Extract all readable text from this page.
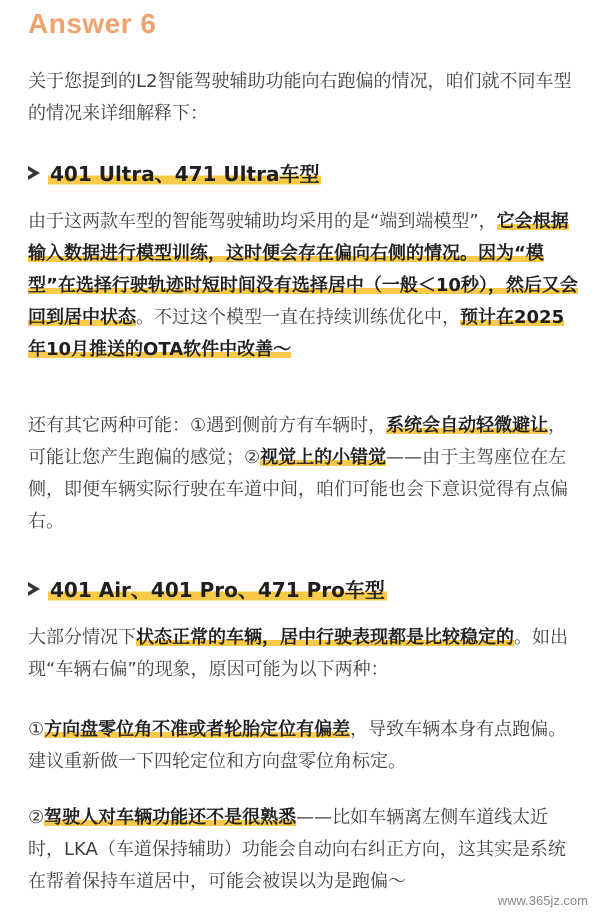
Answer 6
关于您提到的L2智能驾驶辅助功能向右跑偏的情况，咱们就不同车型的情况来详细解释下：
401 Ultra、471 Ultra车型
由于这两款车型的智能驾驶辅助均采用的是“端到端模型”，它会根据输入数据进行模型训练，这时便会存在偏向右侧的情况。因为“模型”在选择行驶轨迹时短时间没有选择居中（一般＜10秒），然后又会回到居中状态。不过这个模型一直在持续训练优化中，预计在2025年10月推送的OTA软件中改善～
还有其它两种可能：①遇到侧前方有车辆时，系统会自动轻微避让，可能让您产生跑偏的感觉；②视觉上的小错觉——由于主驾座位在左侧，即便车辆实际行驶在车道中间，咱们可能也会下意识觉得有点偏右。
401 Air、401 Pro、471 Pro车型
大部分情况下状态正常的车辆，居中行驶表现都是比较稳定的。如出现“车辆右偏”的现象，原因可能为以下两种：
①方向盘零位角不准或者轮胎定位有偏差，导致车辆本身有点跑偏。建议重新做一下四轮定位和方向盘零位角标定。
②驾驶人对车辆功能还不是很熟悉——比如车辆离左侧车道线太近时，LKA（车道保持辅助）功能会自动向右纠正方向，这其实是系统在帮着保持车道居中，可能会被误以为是跑偏～
www.365jz.com
